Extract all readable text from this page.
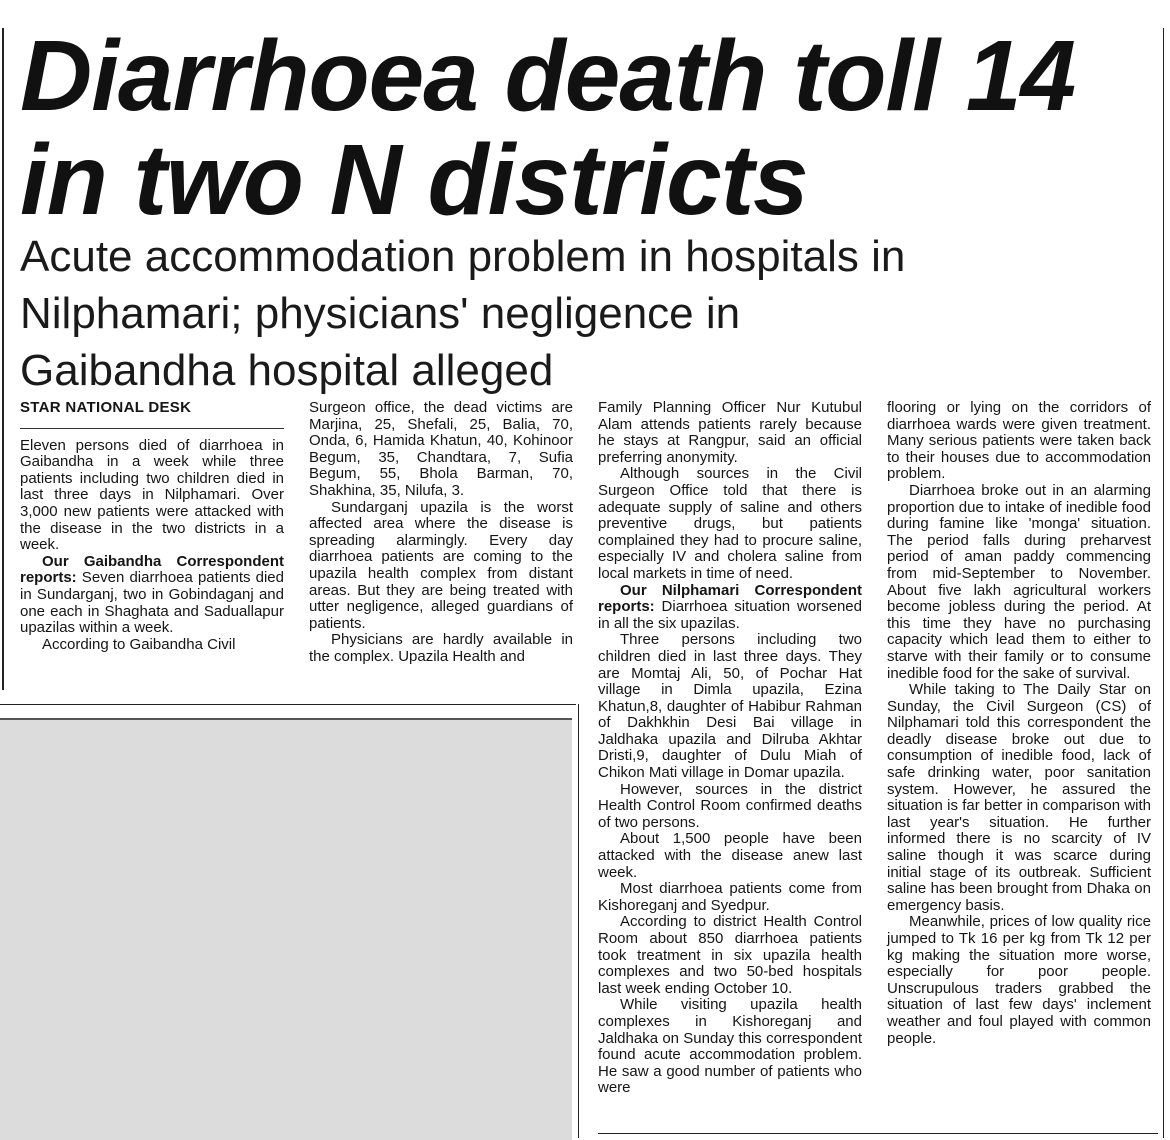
Diarrhoea death toll 14
in two N districts
Acute accommodation problem in hospitals in
Nilphamari; physicians' negligence in
Gaibandha hospital alleged

STAR NATIONAL DESK

Eleven persons died of diarrhoea in Gaibandha in a week while three patients including two children died in last three days in Nilphamari. Over 3,000 new patients were attacked with the disease in the two districts in a week.

Our Gaibandha Correspondent reports: Seven diarrhoea patients died in Sundarganj, two in Gobindaganj and one each in Shaghata and Saduallapur upazilas within a week.

According to Gaibandha Civil

Surgeon office, the dead victims are Marjina, 25, Shefali, 25, Balia, 70, Onda, 6, Hamida Khatun, 40, Kohinoor Begum, 35, Chandtara, 7, Sufia Begum, 55, Bhola Barman, 70, Shakhina, 35, Nilufa, 3.

Sundarganj upazila is the worst affected area where the disease is spreading alarmingly. Every day diarrhoea patients are coming to the upazila health complex from distant areas. But they are being treated with utter negligence, alleged guardians of patients.

Physicians are hardly available in the complex. Upazila Health and

Family Planning Officer Nur Kutubul Alam attends patients rarely because he stays at Rangpur, said an official preferring anonymity.

Although sources in the Civil Surgeon Office told that there is adequate supply of saline and others preventive drugs, but patients complained they had to procure saline, especially IV and cholera saline from local markets in time of need.

Our Nilphamari Correspondent reports: Diarrhoea situation worsened in all the six upazilas.

Three persons including two children died in last three days. They are Momtaj Ali, 50, of Pochar Hat village in Dimla upazila, Ezina Khatun,8, daughter of Habibur Rahman of Dakhkhin Desi Bai village in Jaldhaka upazila and Dilruba Akhtar Dristi,9, daughter of Dulu Miah of Chikon Mati village in Domar upazila.

However, sources in the district Health Control Room confirmed deaths of two persons.

About 1,500 people have been attacked with the disease anew last week.

Most diarrhoea patients come from Kishoreganj and Syedpur.

According to district Health Control Room about 850 diarrhoea patients took treatment in six upazila health complexes and two 50-bed hospitals last week ending October 10.

While visiting upazila health complexes in Kishoreganj and Jaldhaka on Sunday this correspondent found acute accommodation problem. He saw a good number of patients who were

flooring or lying on the corridors of diarrhoea wards were given treatment. Many serious patients were taken back to their houses due to accommodation problem.

Diarrhoea broke out in an alarming proportion due to intake of inedible food during famine like 'monga' situation. The period falls during preharvest period of aman paddy commencing from mid-September to November. About five lakh agricultural workers become jobless during the period. At this time they have no purchasing capacity which lead them to either to starve with their family or to consume inedible food for the sake of survival.

While taking to The Daily Star on Sunday, the Civil Surgeon (CS) of Nilphamari told this correspondent the deadly disease broke out due to consumption of inedible food, lack of safe drinking water, poor sanitation system. However, he assured the situation is far better in comparison with last year's situation. He further informed there is no scarcity of IV saline though it was scarce during initial stage of its outbreak. Sufficient saline has been brought from Dhaka on emergency basis.

Meanwhile, prices of low quality rice jumped to Tk 16 per kg from Tk 12 per kg making the situation more worse, especially for poor people. Unscrupulous traders grabbed the situation of last few days' inclement weather and foul played with common people.
